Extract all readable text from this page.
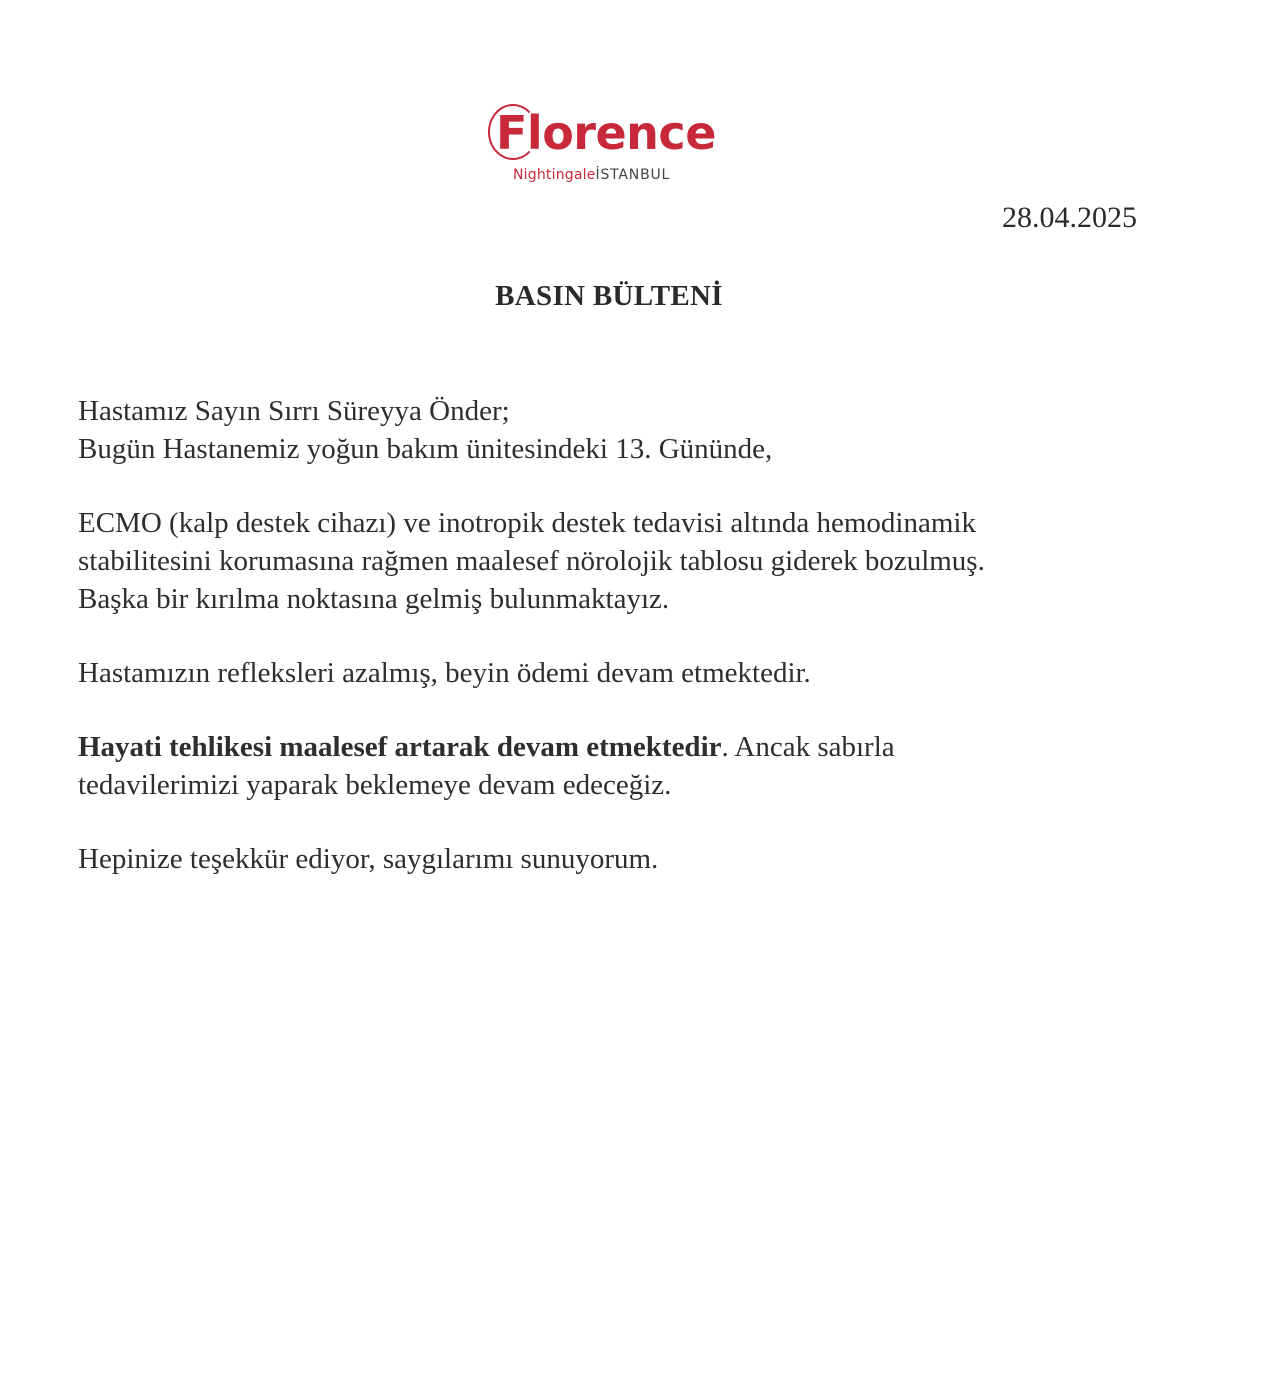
Florence
NightingaleİSTANBUL
28.04.2025
BASIN BÜLTENİ
Hastamız Sayın Sırrı Süreyya Önder;
Bugün Hastanemiz yoğun bakım ünitesindeki 13. Gününde,
ECMO (kalp destek cihazı) ve inotropik destek tedavisi altında hemodinamik
stabilitesini korumasına rağmen maalesef nörolojik tablosu giderek bozulmuş.
Başka bir kırılma noktasına gelmiş bulunmaktayız.
Hastamızın refleksleri azalmış, beyin ödemi devam etmektedir.
Hayati tehlikesi maalesef artarak devam etmektedir. Ancak sabırla
tedavilerimizi yaparak beklemeye devam edeceğiz.
Hepinize teşekkür ediyor, saygılarımı sunuyorum.
